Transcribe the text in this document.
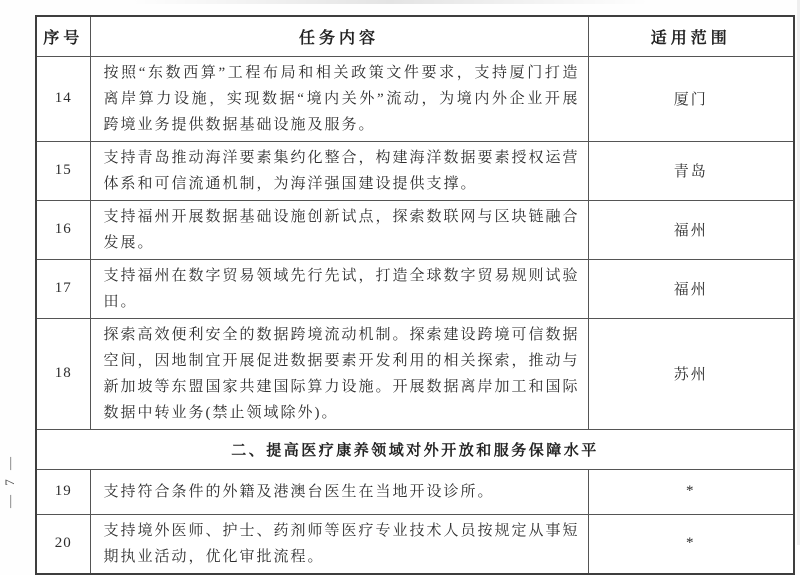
— 7 —
序号	任务内容	适用范围
14	按照“东数西算”工程布局和相关政策文件要求，支持厦门打造离岸算力设施，实现数据“境内关外”流动，为境内外企业开展跨境业务提供数据基础设施及服务。	厦门
15	支持青岛推动海洋要素集约化整合，构建海洋数据要素授权运营体系和可信流通机制，为海洋强国建设提供支撑。	青岛
16	支持福州开展数据基础设施创新试点，探索数联网与区块链融合发展。	福州
17	支持福州在数字贸易领域先行先试，打造全球数字贸易规则试验田。	福州
18	探索高效便利安全的数据跨境流动机制。探索建设跨境可信数据空间，因地制宜开展促进数据要素开发利用的相关探索，推动与新加坡等东盟国家共建国际算力设施。开展数据离岸加工和国际数据中转业务(禁止领域除外)。	苏州
二、提高医疗康养领域对外开放和服务保障水平		
19	支持符合条件的外籍及港澳台医生在当地开设诊所。	*
20	支持境外医师、护士、药剂师等医疗专业技术人员按规定从事短期执业活动，优化审批流程。	*
